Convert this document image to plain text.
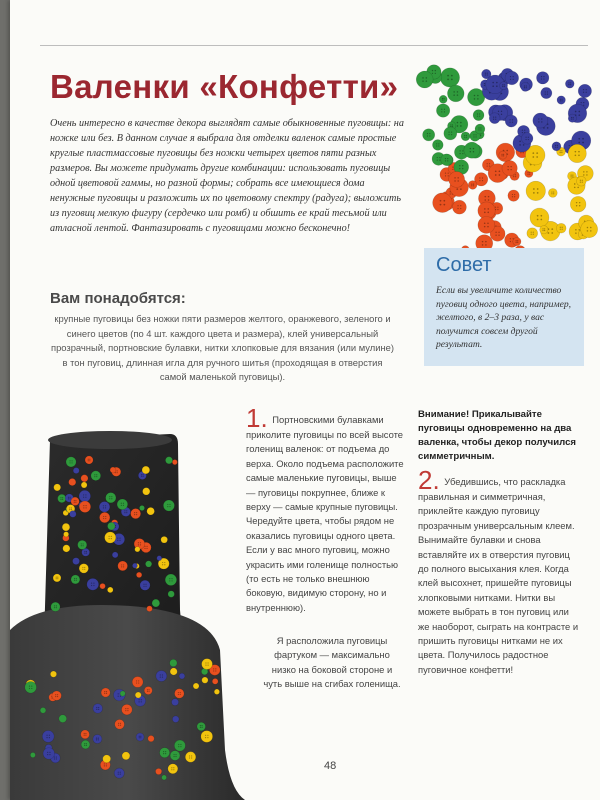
Валенки «Конфетти»

Очень интересно в качестве декора выглядят самые обыкновенные пуговицы: на ножке или без. В данном случае я выбрала для отделки валенок самые простые круглые пластмассовые пуговицы без ножки четырех цветов пяти разных размеров. Вы можете придумать другие комбинации: использовать пуговицы одной цветовой гаммы, но разной формы; собрать все имеющиеся дома ненужные пуговицы и разложить их по цветовому спектру (радуга); выложить из пуговиц мелкую фигуру (сердечко или ромб) и обшить ее край тесьмой или атласной лентой. Фантазировать с пуговицами можно бесконечно!

Совет
Если вы увеличите количество пуговиц одного цвета, например, желтого, в 2–3 раза, у вас получится совсем другой результат.
Вам понадобятся:

крупные пуговицы без ножки пяти размеров желтого, оранжевого, зеленого и синего цветов (по 4 шт. каждого цвета и размера), клей универсальный прозрачный, портновские булавки, нитки хлопковые для вязания (или мулине) в тон пуговиц, длинная игла для ручного шитья (проходящая в отверстия самой маленькой пуговицы).

1. Портновскими булавками приколите пуговицы по всей высоте голенищ валенок: от подъема до верха. Около подъема расположите самые маленькие пуговицы, выше — пуговицы покрупнее, ближе к верху — самые крупные пуговицы. Чередуйте цвета, чтобы рядом не оказались пуговицы одного цвета. Если у вас много пуговиц, можно украсить ими голенище полностью (то есть не только внешнюю боковую, видимую сторону, но и внутреннюю).
Я расположила пуговицы фартуком — максимально низко на боковой стороне и чуть выше на сгибах голенища.
Внимание! Прикалывайте пуговицы одновременно на два валенка, чтобы декор получился симметричным.
2. Убедившись, что раскладка правильная и симметричная, приклейте каждую пуговицу прозрачным универсальным клеем. Вынимайте булавки и снова вставляйте их в отверстия пуговиц до полного высыхания клея. Когда клей высохнет, пришейте пуговицы хлопковыми нитками. Нитки вы можете выбрать в тон пуговиц или же наоборот, сыграть на контрасте и пришить пуговицы нитками не их цвета. Получилось радостное пуговичное конфетти!
48
